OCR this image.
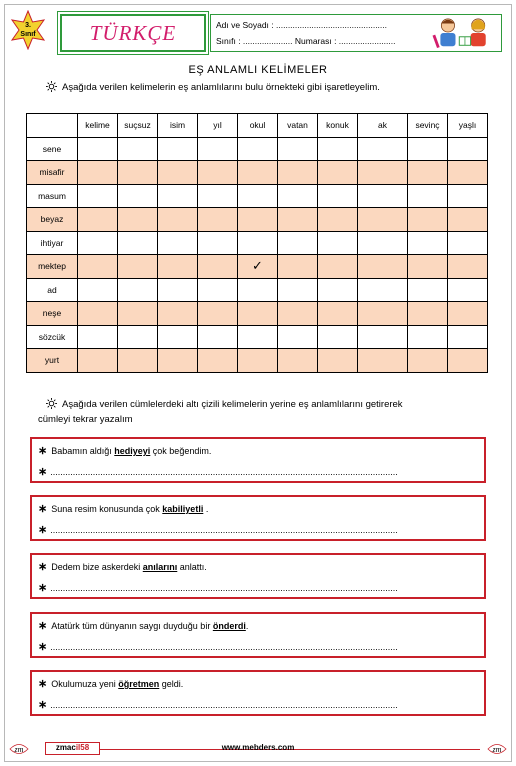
3.
Sınıf	TÜRKÇE	Adı ve Soyadı : ...............................................
Sınıfı : ..................... Numarası : ........................
EŞ ANLAMLI KELİMELER
Aşağıda verilen kelimelerin eş anlamlılarını bulu örnekteki gibi işaretleyelim.
	kelime	suçsuz	isim	yıl	okul	vatan	konuk	ak	sevinç	yaşlı
sene										
misafir										
masum										
beyaz										
ihtiyar										
mektep					✓					
ad										
neşe										
sözcük										
yurt										
Aşağıda verilen cümlelerdeki altı çizili kelimelerin yerine eş anlamlılarını getirerek
cümleyi tekrar yazalım
∗ Babamın aldığı hediyeyi çok beğendim.
∗ ...........................................................................................................................................
∗ Suna resim konusunda çok kabiliyetli .
∗ ...........................................................................................................................................
∗ Dedem bize askerdeki anılarını anlattı.
∗ ...........................................................................................................................................
∗ Atatürk tüm dünyanın saygı duyduğu bir önderdi.
∗ ...........................................................................................................................................
∗ Okulumuza yeni öğretmen geldi.
∗ ...........................................................................................................................................
zm	zm
zmacil58	www.mebders.com
